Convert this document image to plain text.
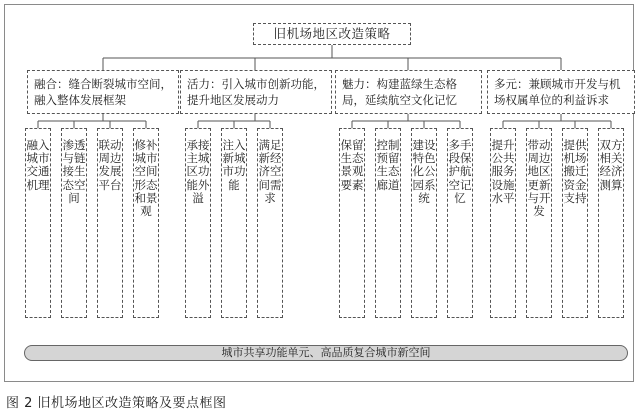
旧机场地区改造策略
融合：缝合断裂城市空间，融入整体发展框架
活力：引入城市创新功能，提升地区发展动力
魅力：构建蓝绿生态格局，延续航空文化记忆
多元：兼顾城市开发与机场权属单位的利益诉求
融入城市交通机理
渗透与链接生态空间
联动周边发展平台
修补城市空间形态和景观
承接主城区功能外溢
注入新城市功能
满足新经济空间需求
保留生态景观要素
控制预留生态廊道
建设特色化公园系统
多手段保护航空记忆
提升公共服务设施水平
带动周边地区更新与开发
提供机场搬迁资金支持
双方相关经济测算
城市共享功能单元、高品质复合城市新空间
图 2 旧机场地区改造策略及要点框图
